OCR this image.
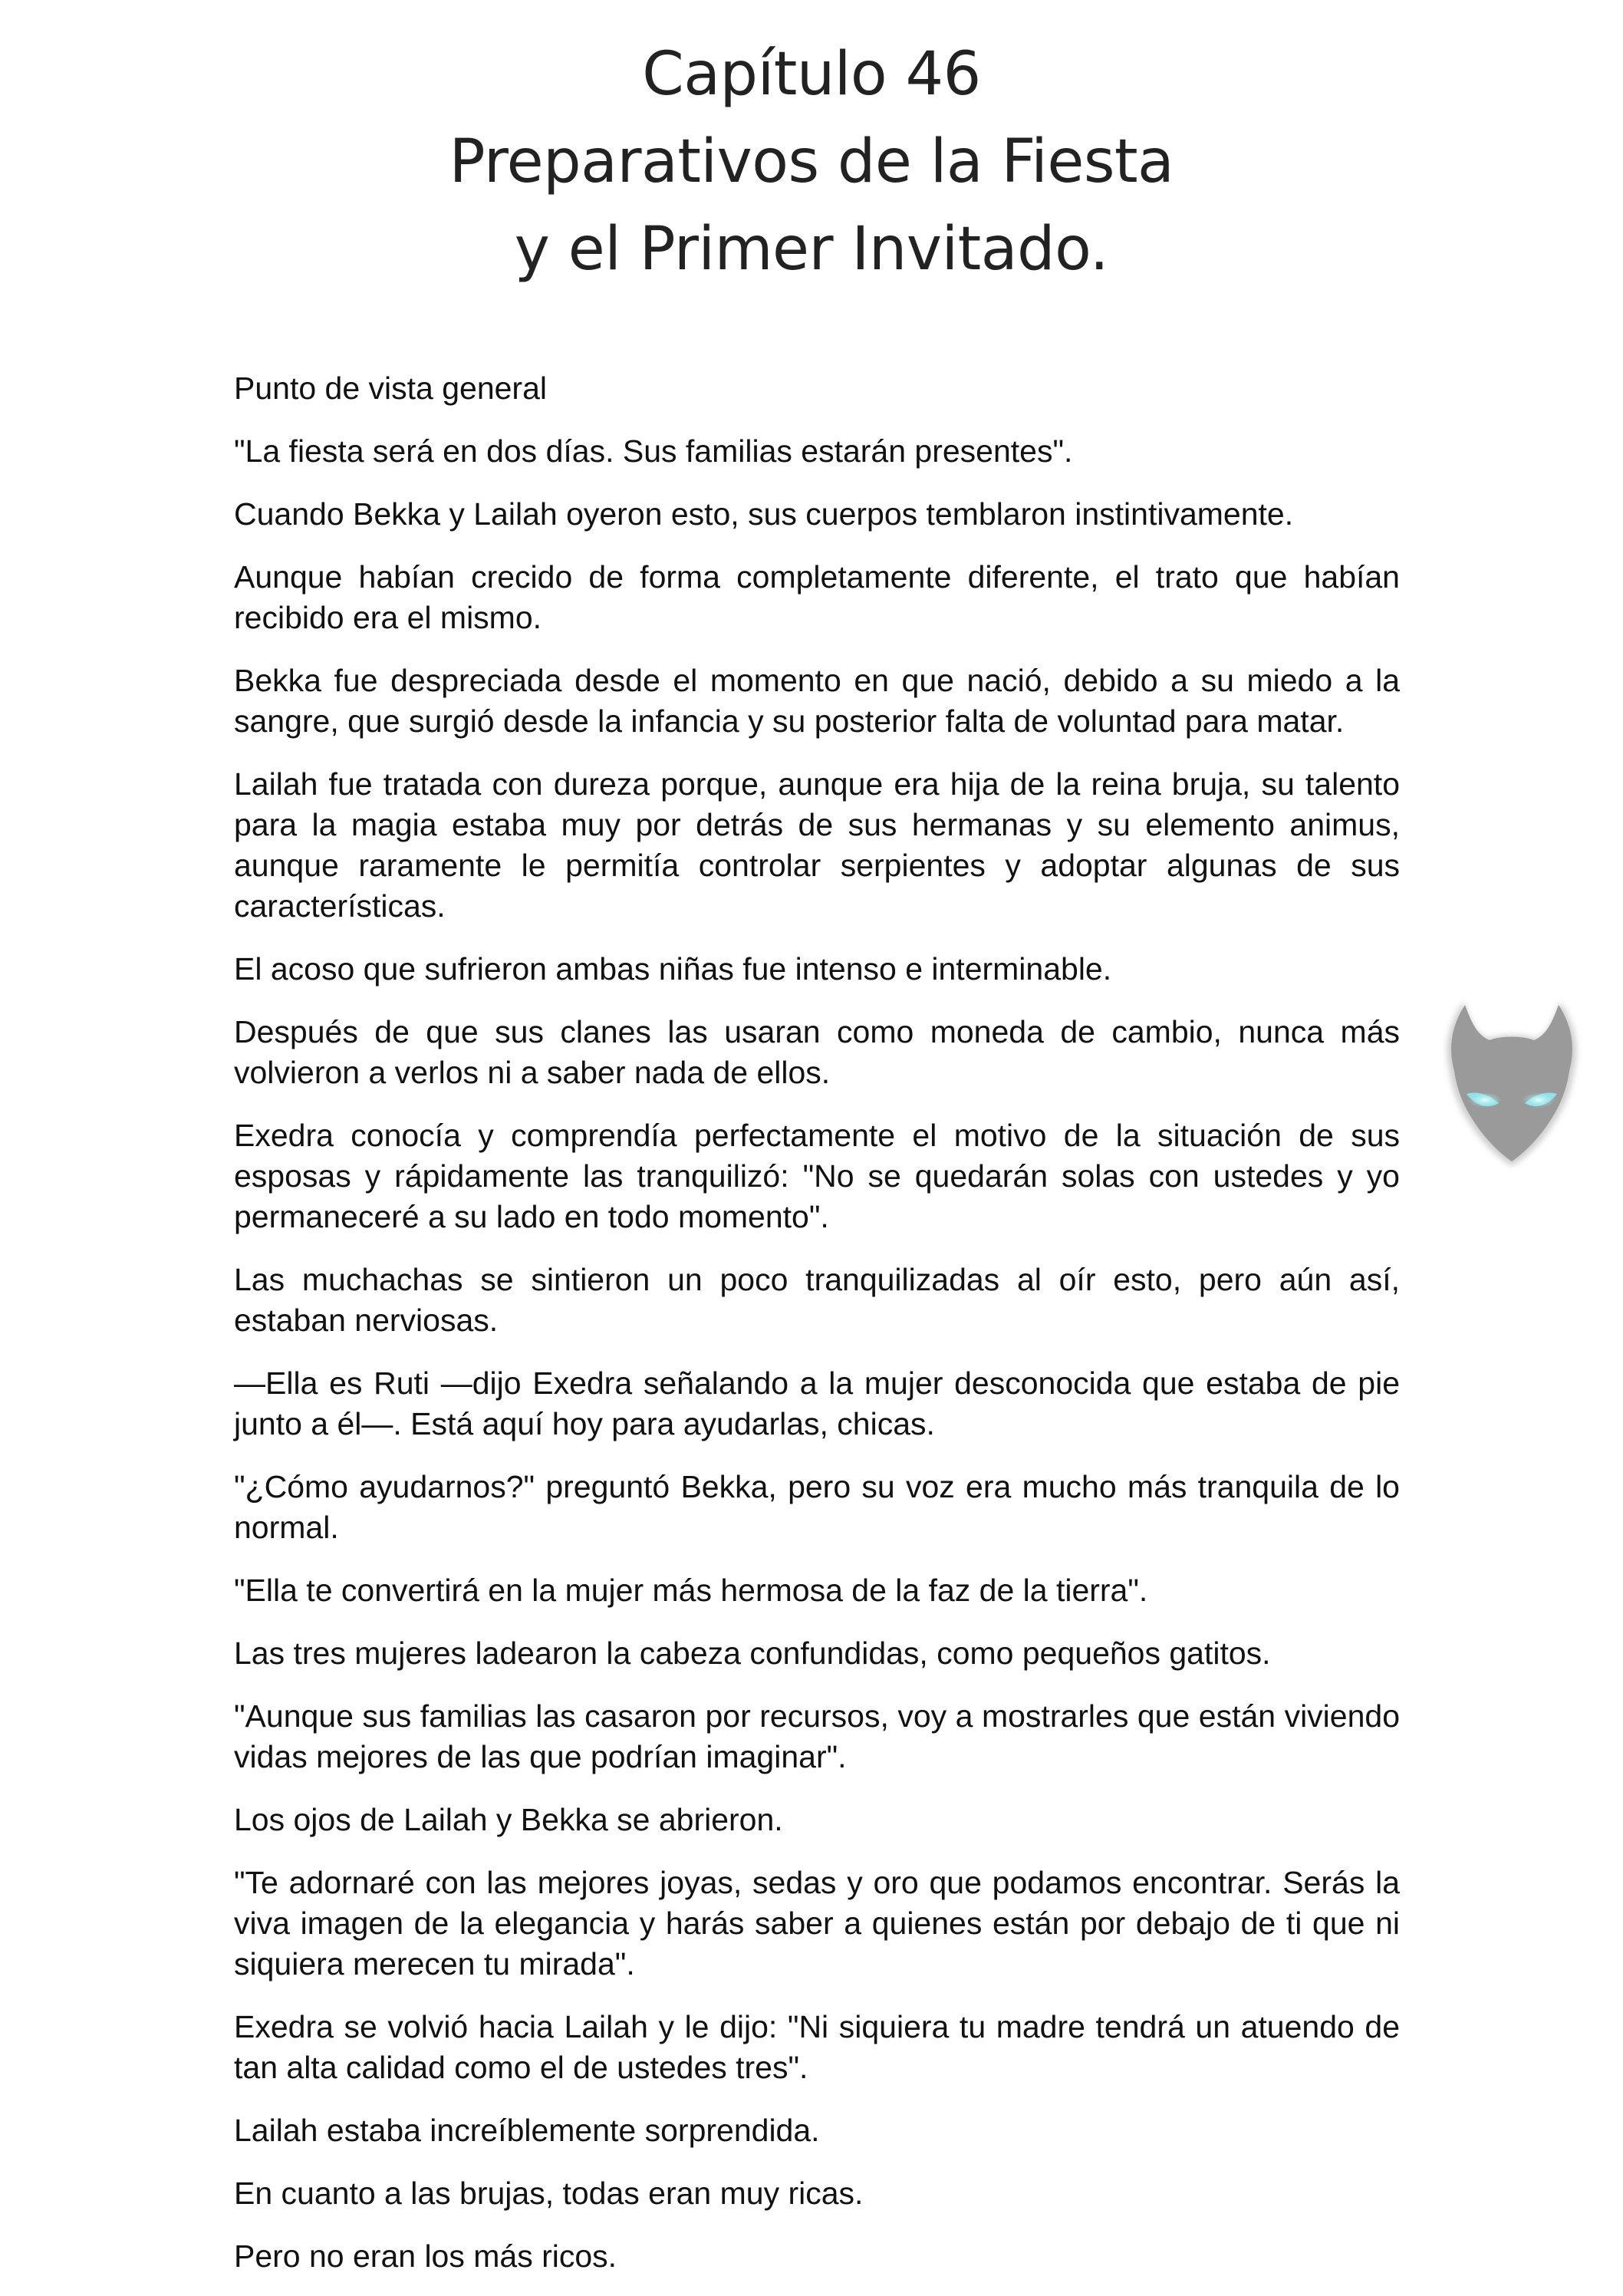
Capítulo 46
Preparativos de la Fiesta
y el Primer Invitado.

Punto de vista general

"La fiesta será en dos días. Sus familias estarán presentes".

Cuando Bekka y Lailah oyeron esto, sus cuerpos temblaron instintivamente.

Aunque habían crecido de forma completamente diferente, el trato que habían recibido era el mismo.

Bekka fue despreciada desde el momento en que nació, debido a su miedo a la sangre, que surgió desde la infancia y su posterior falta de voluntad para matar.

Lailah fue tratada con dureza porque, aunque era hija de la reina bruja, su talento para la magia estaba muy por detrás de sus hermanas y su elemento animus, aunque raramente le permitía controlar serpientes y adoptar algunas de sus características.

El acoso que sufrieron ambas niñas fue intenso e interminable.

Después de que sus clanes las usaran como moneda de cambio, nunca más volvieron a verlos ni a saber nada de ellos.

Exedra conocía y comprendía perfectamente el motivo de la situación de sus esposas y rápidamente las tranquilizó: "No se quedarán solas con ustedes y yo permaneceré a su lado en todo momento".

Las muchachas se sintieron un poco tranquilizadas al oír esto, pero aún así, estaban nerviosas.

—Ella es Ruti —dijo Exedra señalando a la mujer desconocida que estaba de pie junto a él—. Está aquí hoy para ayudarlas, chicas.

"¿Cómo ayudarnos?" preguntó Bekka, pero su voz era mucho más tranquila de lo normal.

"Ella te convertirá en la mujer más hermosa de la faz de la tierra".

Las tres mujeres ladearon la cabeza confundidas, como pequeños gatitos.

"Aunque sus familias las casaron por recursos, voy a mostrarles que están viviendo vidas mejores de las que podrían imaginar".

Los ojos de Lailah y Bekka se abrieron.

"Te adornaré con las mejores joyas, sedas y oro que podamos encontrar. Serás la viva imagen de la elegancia y harás saber a quienes están por debajo de ti que ni siquiera merecen tu mirada".

Exedra se volvió hacia Lailah y le dijo: "Ni siquiera tu madre tendrá un atuendo de tan alta calidad como el de ustedes tres".

Lailah estaba increíblemente sorprendida.

En cuanto a las brujas, todas eran muy ricas.

Pero no eran los más ricos.
